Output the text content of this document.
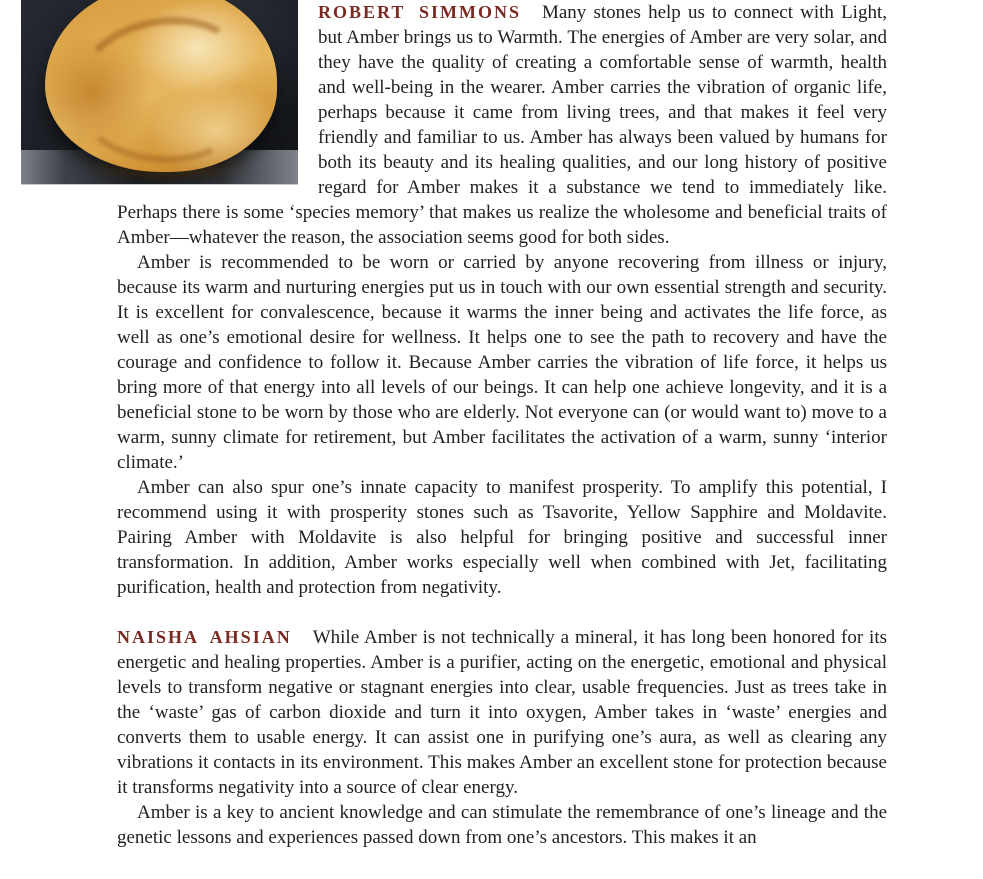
ROBERT SIMMONS Many stones help us to connect with Light, but Amber brings us to Warmth. The energies of Amber are very solar, and they have the quality of creating a comfortable sense of warmth, health and well-being in the wearer. Amber carries the vibration of organic life, perhaps because it came from living trees, and that makes it feel very friendly and familiar to us. Amber has always been valued by humans for both its beauty and its healing qualities, and our long history of positive regard for Amber makes it a substance we tend to immediately like. Perhaps there is some ‘species memory’ that makes us realize the wholesome and beneficial traits of Amber—whatever the reason, the association seems good for both sides.

Amber is recommended to be worn or carried by anyone recovering from illness or injury, because its warm and nurturing energies put us in touch with our own essential strength and security. It is excellent for convalescence, because it warms the inner being and activates the life force, as well as one’s emotional desire for wellness. It helps one to see the path to recovery and have the courage and confidence to follow it. Because Amber carries the vibration of life force, it helps us bring more of that energy into all levels of our beings. It can help one achieve longevity, and it is a beneficial stone to be worn by those who are elderly. Not everyone can (or would want to) move to a warm, sunny climate for retirement, but Amber facilitates the activation of a warm, sunny ‘interior climate.’

Amber can also spur one’s innate capacity to manifest prosperity. To amplify this potential, I recommend using it with prosperity stones such as Tsavorite, Yellow Sapphire and Moldavite. Pairing Amber with Moldavite is also helpful for bringing positive and successful inner transformation. In addition, Amber works especially well when combined with Jet, facilitating purification, health and protection from negativity.

NAISHA AHSIAN While Amber is not technically a mineral, it has long been honored for its energetic and healing properties. Amber is a purifier, acting on the energetic, emotional and physical levels to transform negative or stagnant energies into clear, usable frequencies. Just as trees take in the ‘waste’ gas of carbon dioxide and turn it into oxygen, Amber takes in ‘waste’ energies and converts them to usable energy. It can assist one in purifying one’s aura, as well as clearing any vibrations it contacts in its environment. This makes Amber an excellent stone for protection because it transforms negativity into a source of clear energy.

Amber is a key to ancient knowledge and can stimulate the remembrance of one’s lineage and the genetic lessons and experiences passed down from one’s ancestors. This makes it an
